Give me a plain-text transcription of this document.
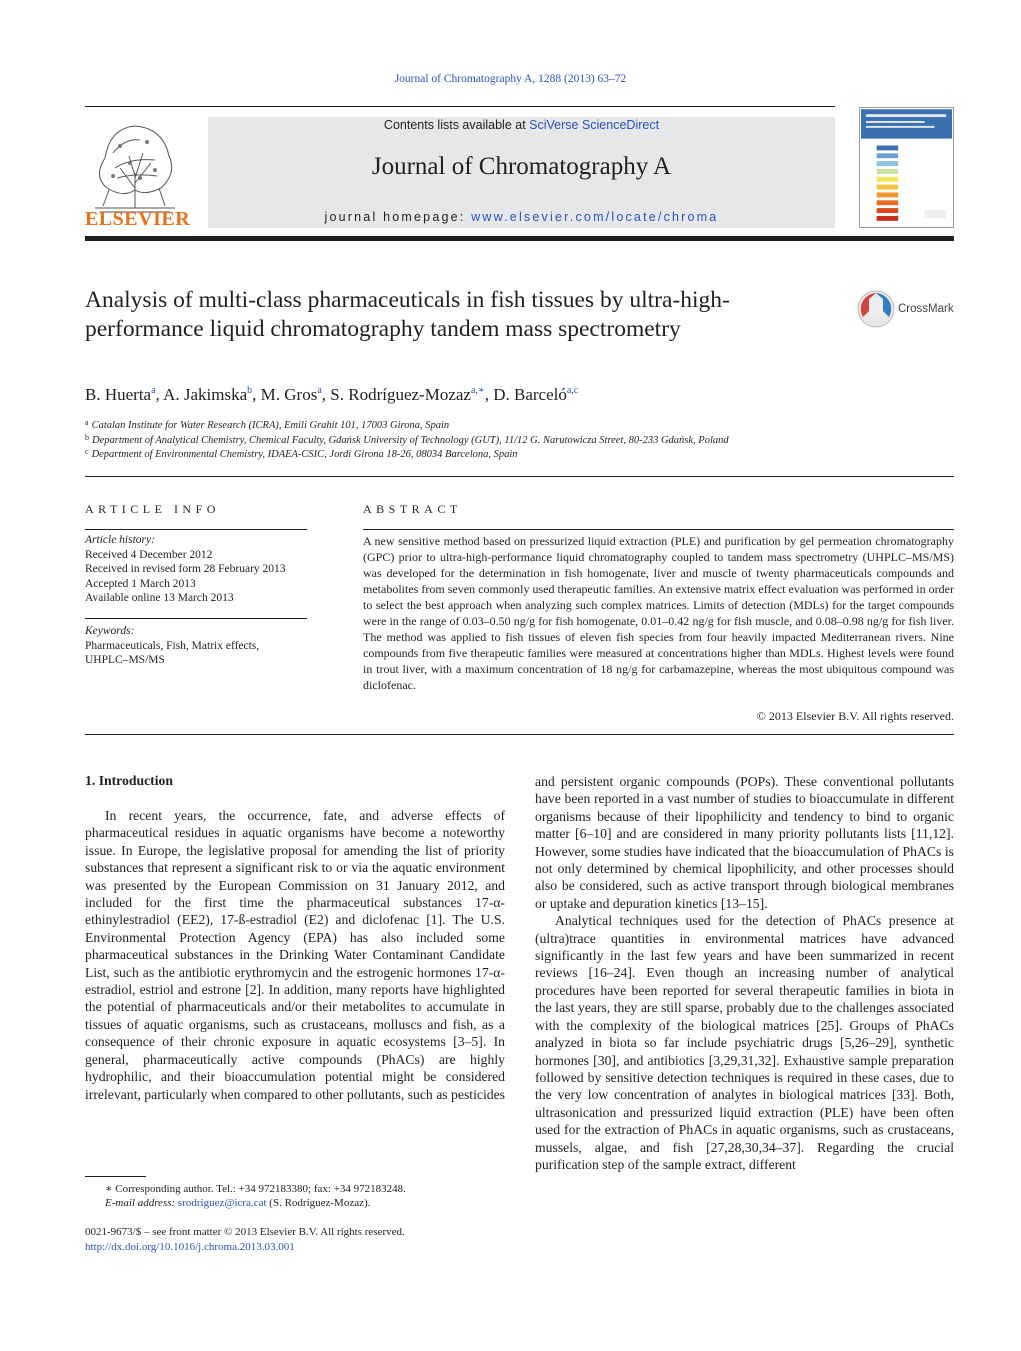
Journal of Chromatography A, 1288 (2013) 63–72
ELSEVIER
Contents lists available at SciVerse ScienceDirect
Journal of Chromatography A
journal homepage: www.elsevier.com/locate/chroma
Analysis of multi-class pharmaceuticals in fish tissues by ultra-high-performance liquid chromatography tandem mass spectrometry
CrossMark
B. Huerta$^a$, A. Jakimska$^b$, M. Gros$^a$, S. Rodríguez-Mozaz$^{a,∗}$, D. Barceló$^{a,c}$
$^a$ Catalan Institute for Water Research (ICRA), Emili Grahit 101, 17003 Girona, Spain
$^b$ Department of Analytical Chemistry, Chemical Faculty, Gdańsk University of Technology (GUT), 11/12 G. Narutowicza Street, 80-233 Gdańsk, Poland
$^c$ Department of Environmental Chemistry, IDAEA-CSIC, Jordi Girona 18-26, 08034 Barcelona, Spain
ARTICLE INFO
Article history:
Received 4 December 2012
Received in revised form 28 February 2013
Accepted 1 March 2013
Available online 13 March 2013
Keywords:
Pharmaceuticals, Fish, Matrix effects,
UHPLC–MS/MS
ABSTRACT
A new sensitive method based on pressurized liquid extraction (PLE) and purification by gel permeation chromatography (GPC) prior to ultra-high-performance liquid chromatography coupled to tandem mass spectrometry (UHPLC–MS/MS) was developed for the determination in fish homogenate, liver and muscle of twenty pharmaceuticals compounds and metabolites from seven commonly used therapeutic families. An extensive matrix effect evaluation was performed in order to select the best approach when analyzing such complex matrices. Limits of detection (MDLs) for the target compounds were in the range of 0.03–0.50 ng/g for fish homogenate, 0.01–0.42 ng/g for fish muscle, and 0.08–0.98 ng/g for fish liver. The method was applied to fish tissues of eleven fish species from four heavily impacted Mediterranean rivers. Nine compounds from five therapeutic families were measured at concentrations higher than MDLs. Highest levels were found in trout liver, with a maximum concentration of 18 ng/g for carbamazepine, whereas the most ubiquitous compound was diclofenac.
© 2013 Elsevier B.V. All rights reserved.
1. Introduction
In recent years, the occurrence, fate, and adverse effects of pharmaceutical residues in aquatic organisms have become a noteworthy issue. In Europe, the legislative proposal for amending the list of priority substances that represent a significant risk to or via the aquatic environment was presented by the European Commission on 31 January 2012, and included for the first time the pharmaceutical substances 17-α-ethinylestradiol (EE2), 17-ß-estradiol (E2) and diclofenac [1]. The U.S. Environmental Protection Agency (EPA) has also included some pharmaceutical substances in the Drinking Water Contaminant Candidate List, such as the antibiotic erythromycin and the estrogenic hormones 17-α-estradiol, estriol and estrone [2]. In addition, many reports have highlighted the potential of pharmaceuticals and/or their metabolites to accumulate in tissues of aquatic organisms, such as crustaceans, molluscs and fish, as a consequence of their chronic exposure in aquatic ecosystems [3–5]. In general, pharmaceutically active compounds (PhACs) are highly hydrophilic, and their bioaccumulation potential might be considered irrelevant, particularly when compared to other pollutants, such as pesticides

and persistent organic compounds (POPs). These conventional pollutants have been reported in a vast number of studies to bioaccumulate in different organisms because of their lipophilicity and tendency to bind to organic matter [6–10] and are considered in many priority pollutants lists [11,12]. However, some studies have indicated that the bioaccumulation of PhACs is not only determined by chemical lipophilicity, and other processes should also be considered, such as active transport through biological membranes or uptake and depuration kinetics [13–15].

Analytical techniques used for the detection of PhACs presence at (ultra)trace quantities in environmental matrices have advanced significantly in the last few years and have been summarized in recent reviews [16–24]. Even though an increasing number of analytical procedures have been reported for several therapeutic families in biota in the last years, they are still sparse, probably due to the challenges associated with the complexity of the biological matrices [25]. Groups of PhACs analyzed in biota so far include psychiatric drugs [5,26–29], synthetic hormones [30], and antibiotics [3,29,31,32]. Exhaustive sample preparation followed by sensitive detection techniques is required in these cases, due to the very low concentration of analytes in biological matrices [33]. Both, ultrasonication and pressurized liquid extraction (PLE) have been often used for the extraction of PhACs in aquatic organisms, such as crustaceans, mussels, algae, and fish [27,28,30,34–37]. Regarding the crucial purification step of the sample extract, different

∗ Corresponding author. Tel.: +34 972183380; fax: +34 972183248.
E-mail address: srodriguez@icra.cat (S. Rodríguez-Mozaz).
0021-9673/$ – see front matter © 2013 Elsevier B.V. All rights reserved.
http://dx.doi.org/10.1016/j.chroma.2013.03.001
